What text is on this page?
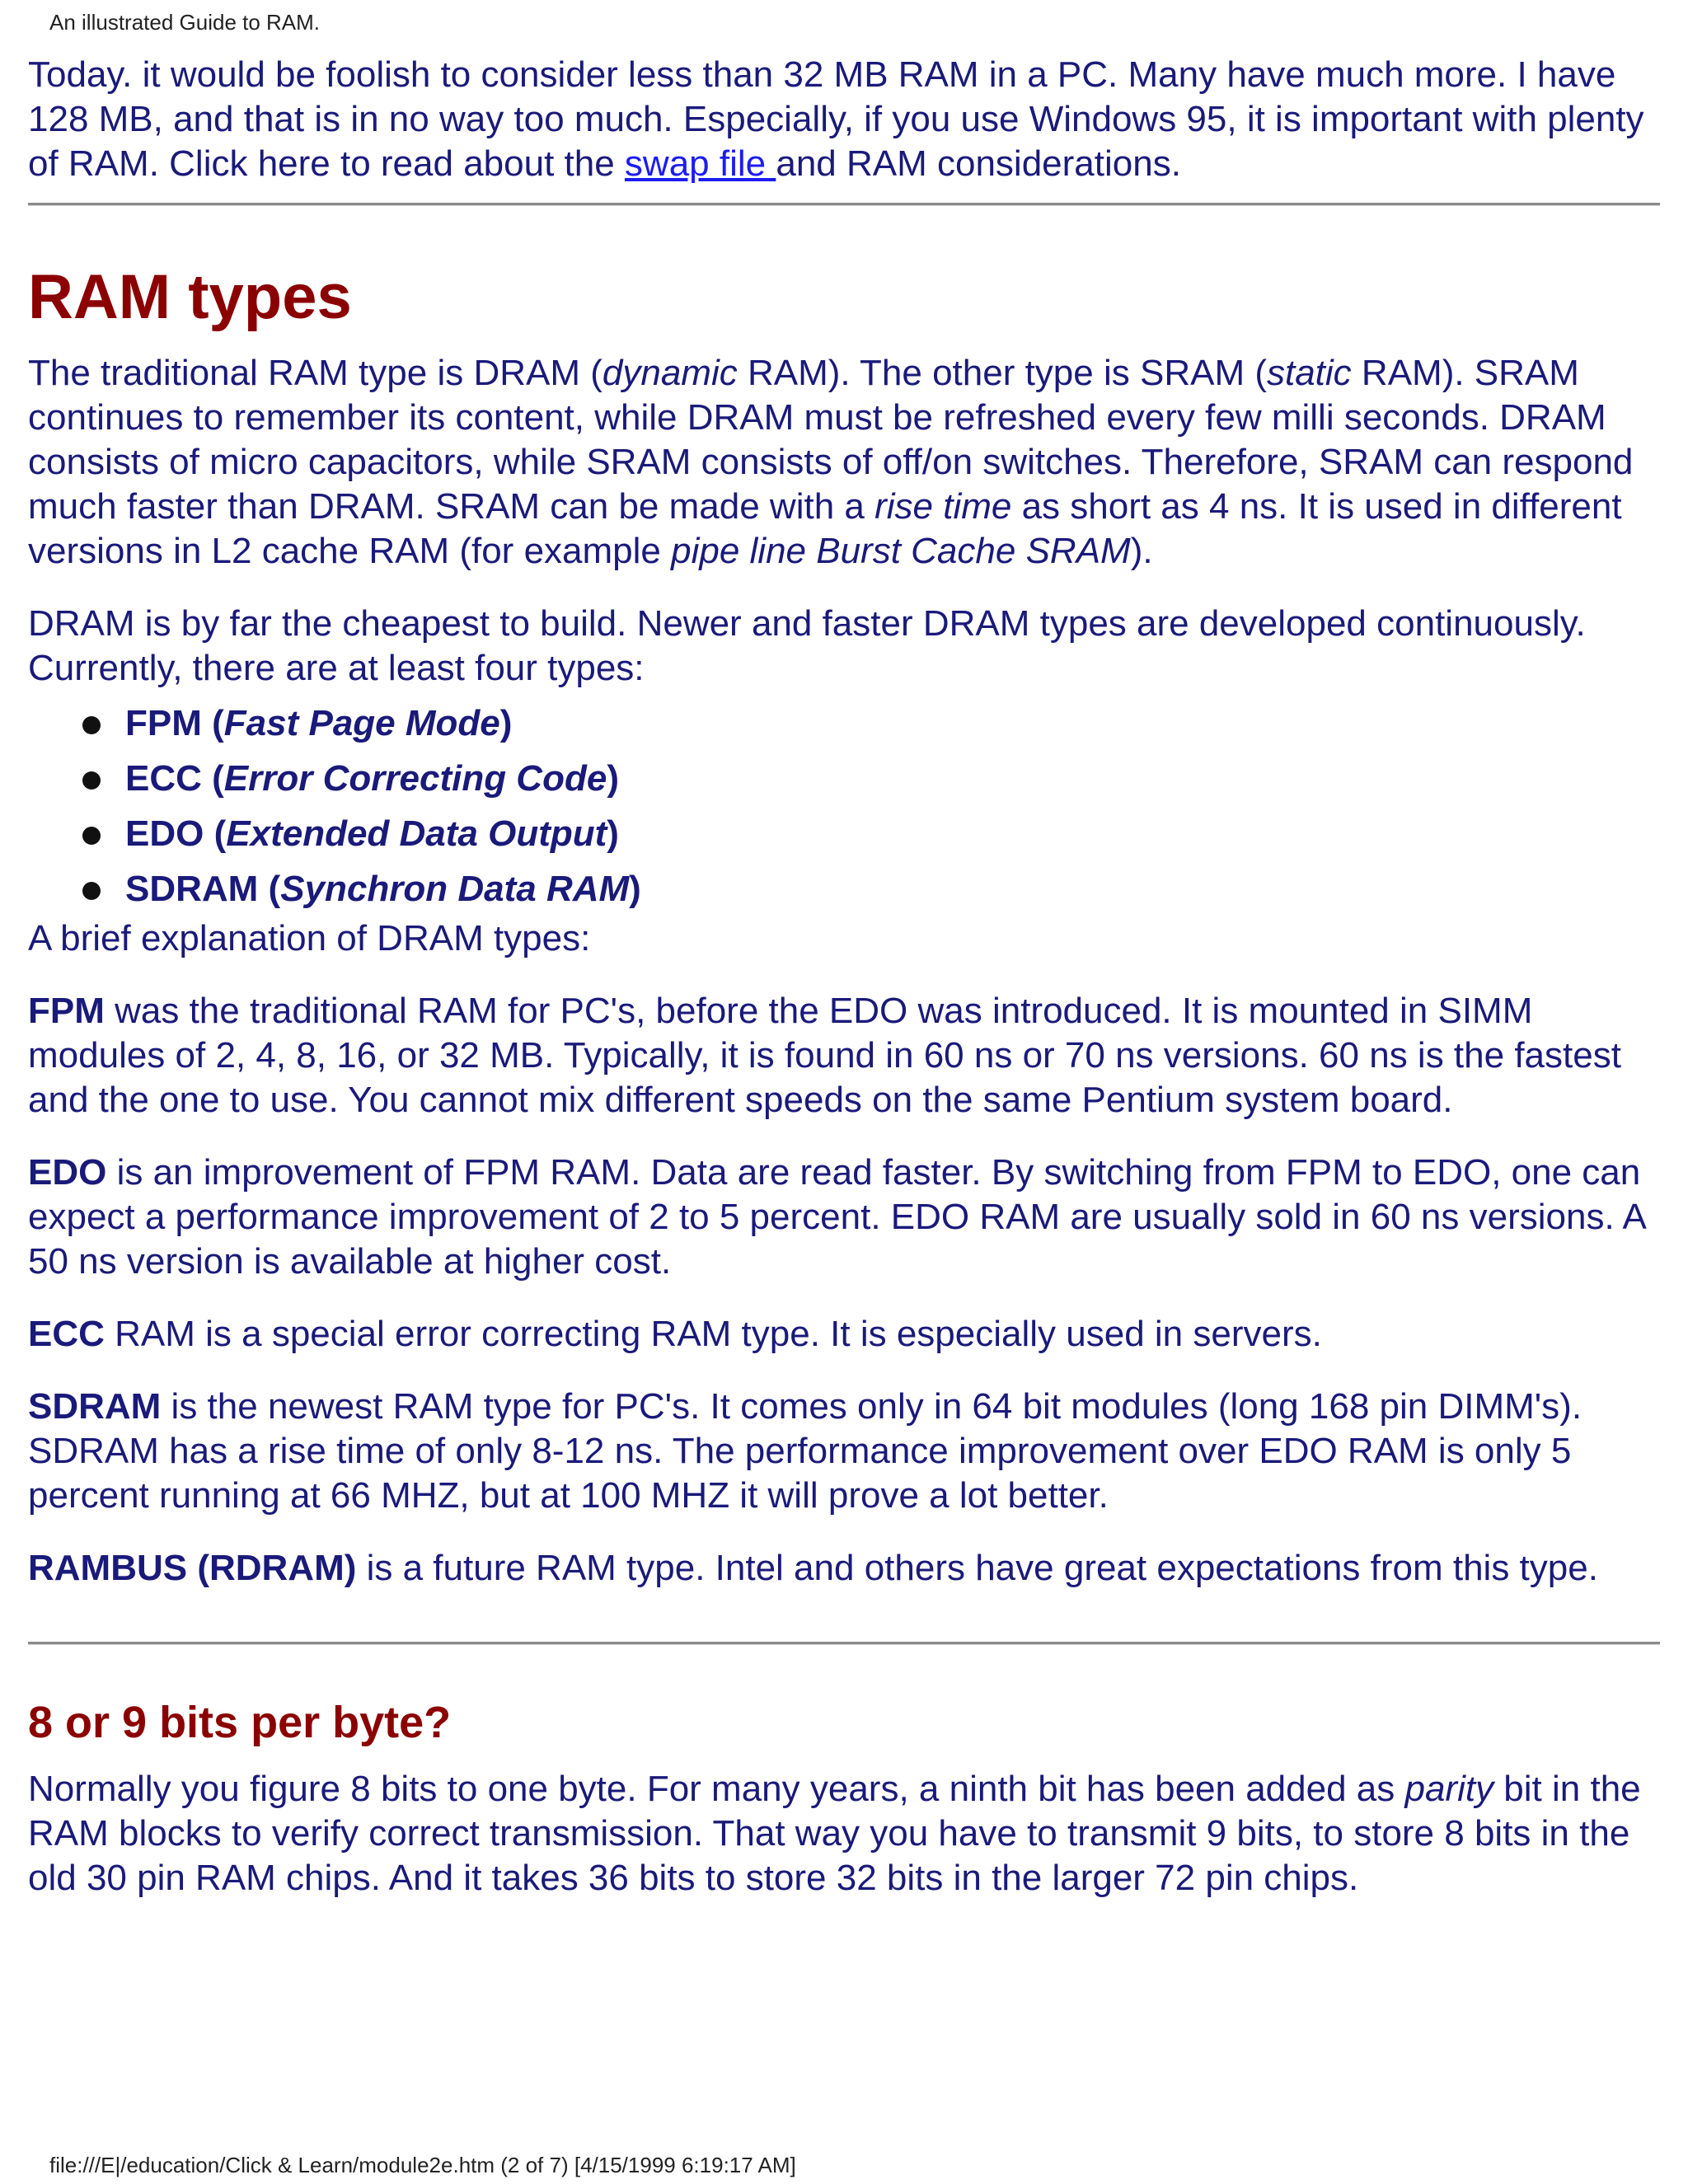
An illustrated Guide to RAM.

Today. it would be foolish to consider less than 32 MB RAM in a PC. Many have much more. I have 128 MB, and that is in no way too much. Especially, if you use Windows 95, it is important with plenty of RAM. Click here to read about the swap file and RAM considerations.

RAM types

The traditional RAM type is DRAM (dynamic RAM). The other type is SRAM (static RAM). SRAM continues to remember its content, while DRAM must be refreshed every few milli seconds. DRAM consists of micro capacitors, while SRAM consists of off/on switches. Therefore, SRAM can respond much faster than DRAM. SRAM can be made with a rise time as short as 4 ns. It is used in different versions in L2 cache RAM (for example pipe line Burst Cache SRAM).

DRAM is by far the cheapest to build. Newer and faster DRAM types are developed continuously. Currently, there are at least four types:

FPM (Fast Page Mode)
ECC (Error Correcting Code)
EDO (Extended Data Output)
SDRAM (Synchron Data RAM)

A brief explanation of DRAM types:

FPM was the traditional RAM for PC's, before the EDO was introduced. It is mounted in SIMM modules of 2, 4, 8, 16, or 32 MB. Typically, it is found in 60 ns or 70 ns versions. 60 ns is the fastest and the one to use. You cannot mix different speeds on the same Pentium system board.

EDO is an improvement of FPM RAM. Data are read faster. By switching from FPM to EDO, one can expect a performance improvement of 2 to 5 percent. EDO RAM are usually sold in 60 ns versions. A 50 ns version is available at higher cost.

ECC RAM is a special error correcting RAM type. It is especially used in servers.

SDRAM is the newest RAM type for PC's. It comes only in 64 bit modules (long 168 pin DIMM's). SDRAM has a rise time of only 8-12 ns. The performance improvement over EDO RAM is only 5 percent running at 66 MHZ, but at 100 MHZ it will prove a lot better.

RAMBUS (RDRAM) is a future RAM type. Intel and others have great expectations from this type.

8 or 9 bits per byte?

Normally you figure 8 bits to one byte. For many years, a ninth bit has been added as parity bit in the RAM blocks to verify correct transmission. That way you have to transmit 9 bits, to store 8 bits in the old 30 pin RAM chips. And it takes 36 bits to store 32 bits in the larger 72 pin chips.

file:///E|/education/Click & Learn/module2e.htm (2 of 7) [4/15/1999 6:19:17 AM]
